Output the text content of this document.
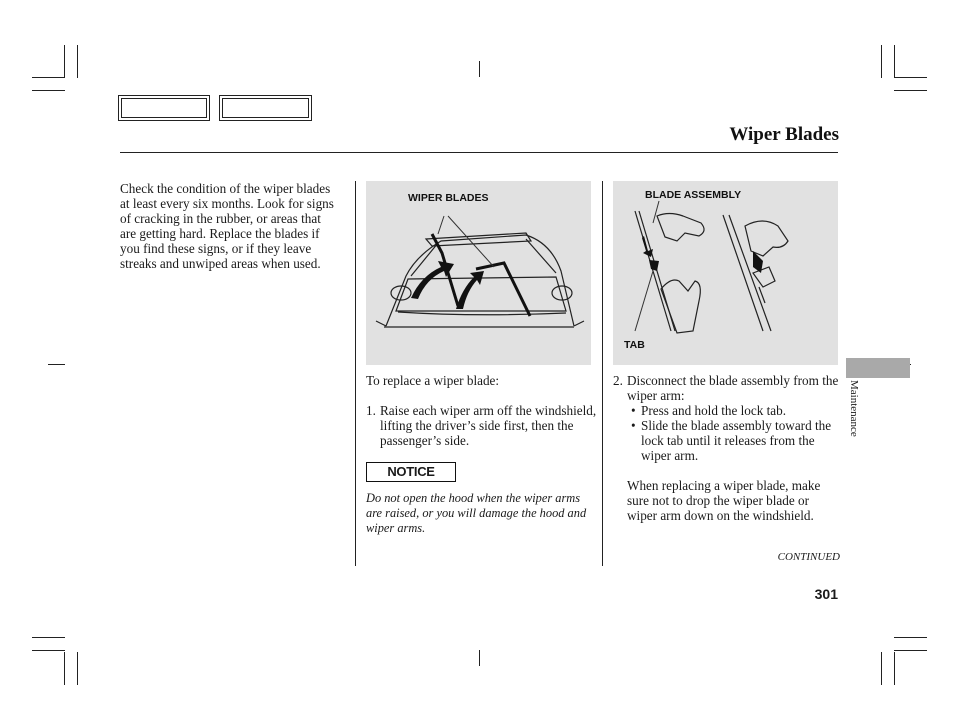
Wiper Blades
Check the condition of the wiper blades at least every six months. Look for signs of cracking in the rubber, or areas that are getting hard. Replace the blades if you find these signs, or if they leave streaks and unwiped areas when used.
WIPER BLADES	BLADE ASSEMBLY
TAB
To replace a wiper blade:
1. Raise each wiper arm off the windshield, lifting the driver’s side first, then the passenger’s side.
NOTICE
Do not open the hood when the wiper arms are raised, or you will damage the hood and wiper arms.
2. Disconnect the blade assembly from the wiper arm:
• Press and hold the lock tab.
• Slide the blade assembly toward the lock tab until it releases from the wiper arm.
When replacing a wiper blade, make sure not to drop the wiper blade or wiper arm down on the windshield.
CONTINUED
301
Maintenance
